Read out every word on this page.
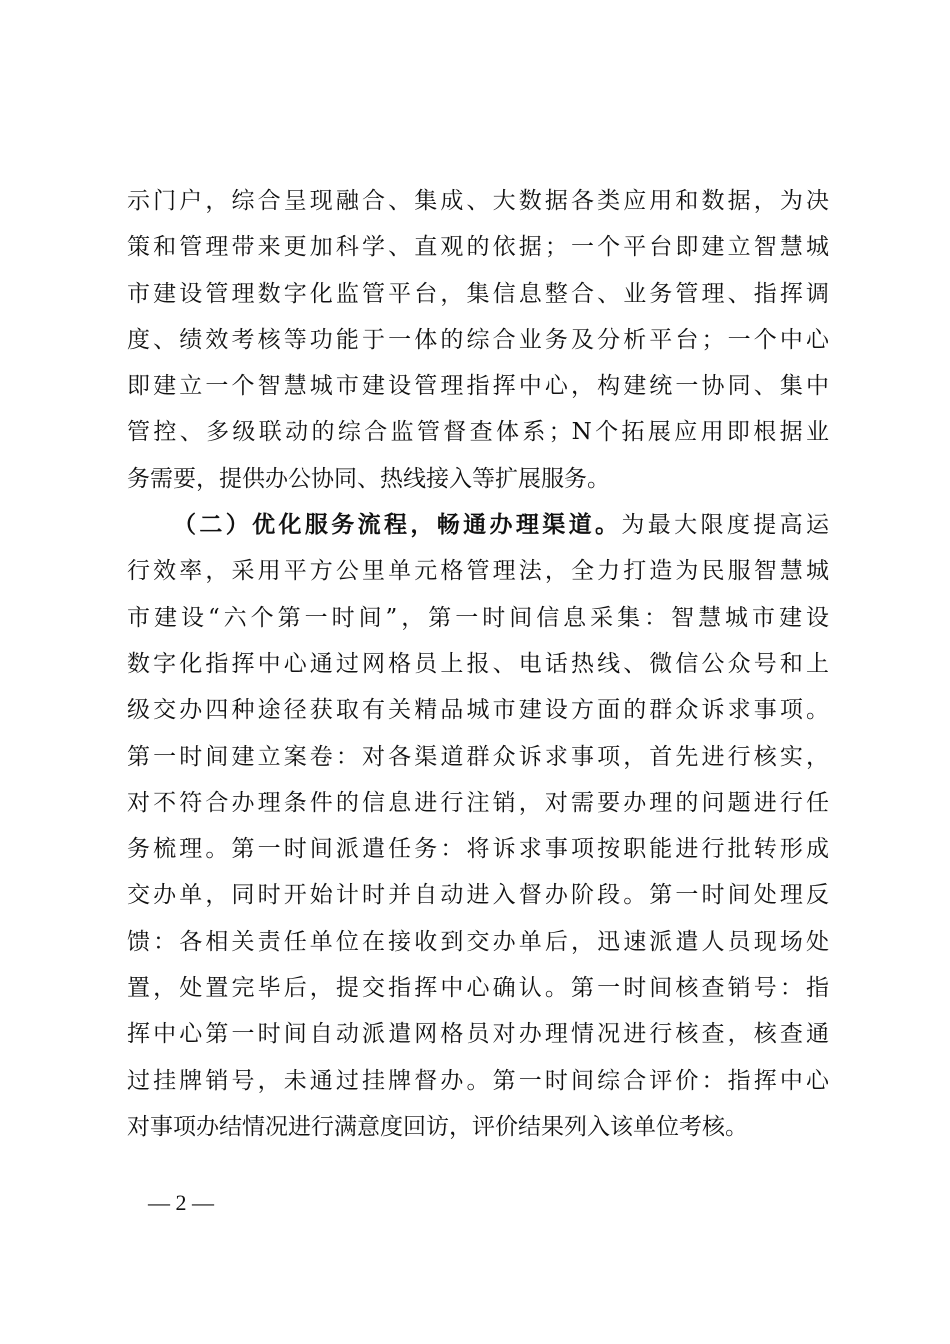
示门户，综合呈现融合、集成、大数据各类应用和数据，为决
策和管理带来更加科学、直观的依据；一个平台即建立智慧城
市建设管理数字化监管平台，集信息整合、业务管理、指挥调
度、绩效考核等功能于一体的综合业务及分析平台；一个中心
即建立一个智慧城市建设管理指挥中心，构建统一协同、集中
管控、多级联动的综合监管督查体系；N个拓展应用即根据业
务需要，提供办公协同、热线接入等扩展服务。
（二）优化服务流程，畅通办理渠道。为最大限度提高运
行效率，采用平方公里单元格管理法，全力打造为民服智慧城
市建设“六个第一时间”，第一时间信息采集：智慧城市建设
数字化指挥中心通过网格员上报、电话热线、微信公众号和上
级交办四种途径获取有关精品城市建设方面的群众诉求事项。
第一时间建立案卷：对各渠道群众诉求事项，首先进行核实，
对不符合办理条件的信息进行注销，对需要办理的问题进行任
务梳理。第一时间派遣任务：将诉求事项按职能进行批转形成
交办单，同时开始计时并自动进入督办阶段。第一时间处理反
馈：各相关责任单位在接收到交办单后，迅速派遣人员现场处
置，处置完毕后，提交指挥中心确认。第一时间核查销号：指
挥中心第一时间自动派遣网格员对办理情况进行核查，核查通
过挂牌销号，未通过挂牌督办。第一时间综合评价：指挥中心
对事项办结情况进行满意度回访，评价结果列入该单位考核。
— 2 —
